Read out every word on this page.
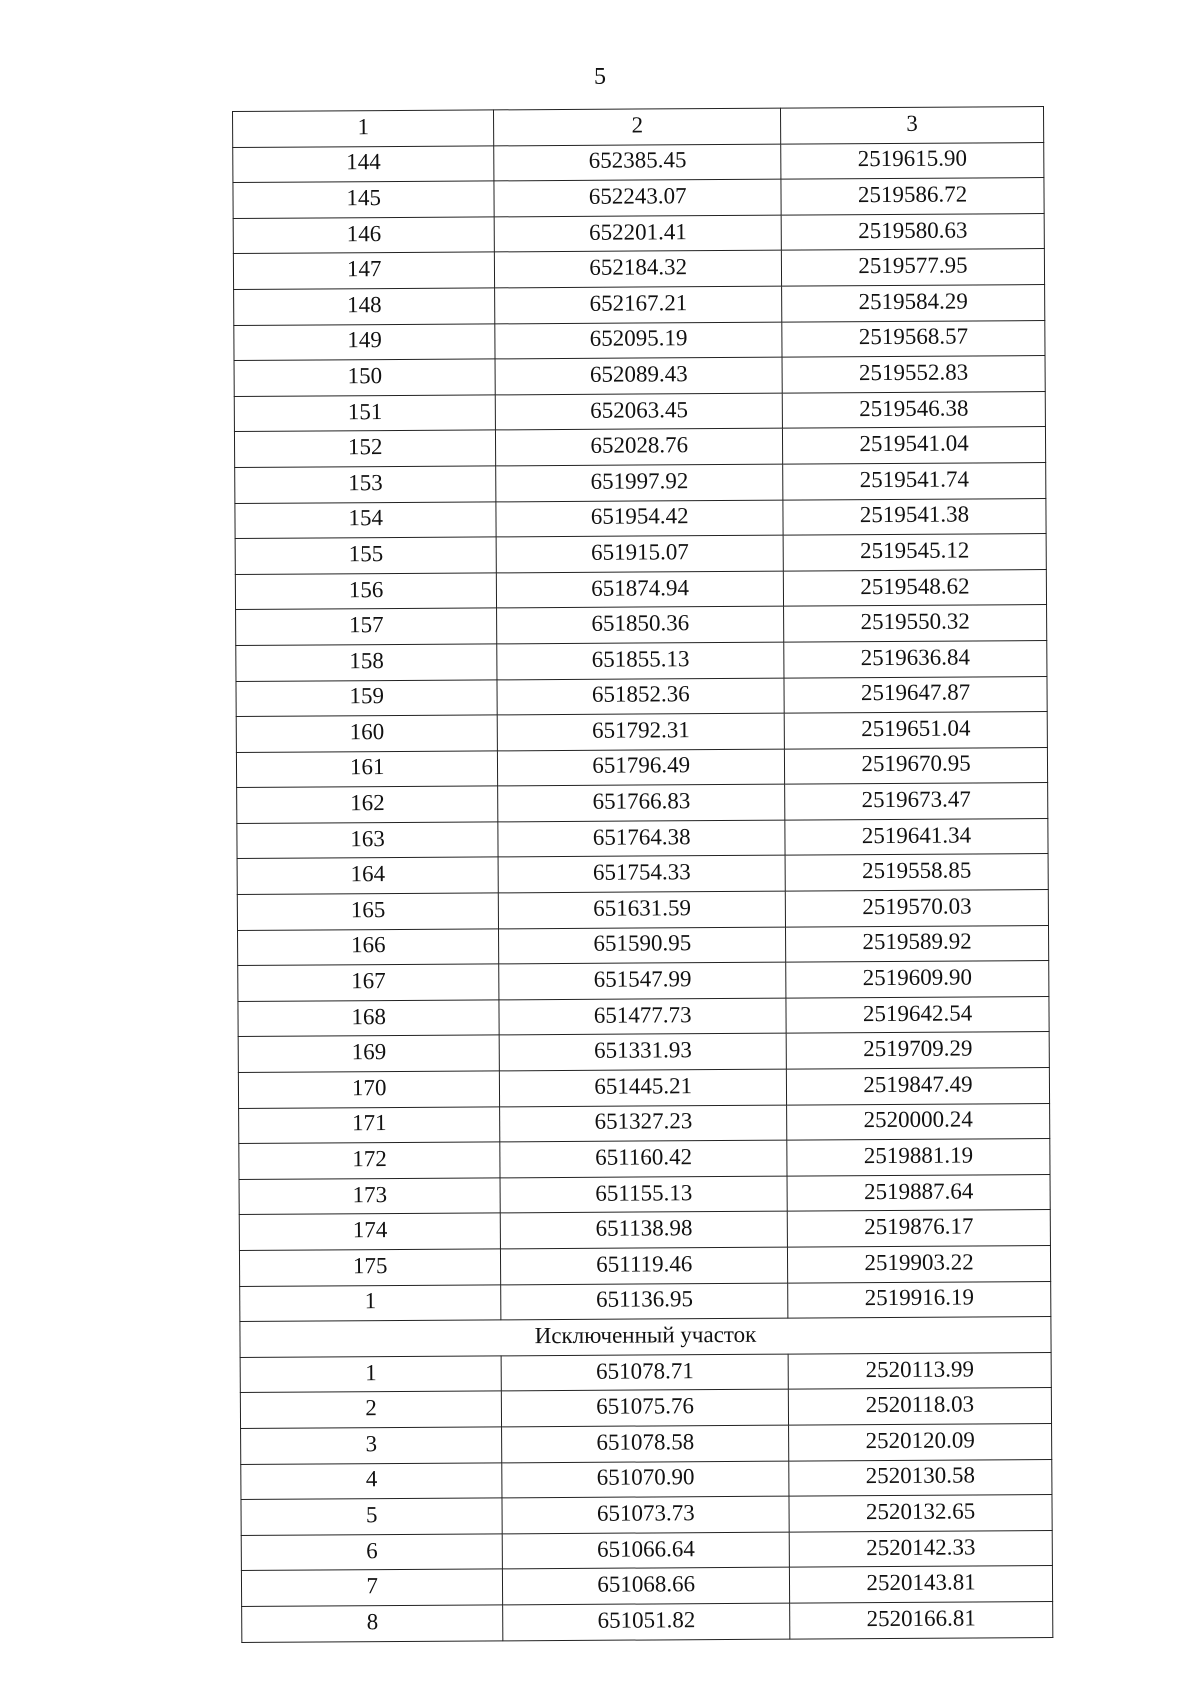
5
1	2	3
144	652385.45	2519615.90
145	652243.07	2519586.72
146	652201.41	2519580.63
147	652184.32	2519577.95
148	652167.21	2519584.29
149	652095.19	2519568.57
150	652089.43	2519552.83
151	652063.45	2519546.38
152	652028.76	2519541.04
153	651997.92	2519541.74
154	651954.42	2519541.38
155	651915.07	2519545.12
156	651874.94	2519548.62
157	651850.36	2519550.32
158	651855.13	2519636.84
159	651852.36	2519647.87
160	651792.31	2519651.04
161	651796.49	2519670.95
162	651766.83	2519673.47
163	651764.38	2519641.34
164	651754.33	2519558.85
165	651631.59	2519570.03
166	651590.95	2519589.92
167	651547.99	2519609.90
168	651477.73	2519642.54
169	651331.93	2519709.29
170	651445.21	2519847.49
171	651327.23	2520000.24
172	651160.42	2519881.19
173	651155.13	2519887.64
174	651138.98	2519876.17
175	651119.46	2519903.22
1	651136.95	2519916.19
Исключенный участок		
1	651078.71	2520113.99
2	651075.76	2520118.03
3	651078.58	2520120.09
4	651070.90	2520130.58
5	651073.73	2520132.65
6	651066.64	2520142.33
7	651068.66	2520143.81
8	651051.82	2520166.81
